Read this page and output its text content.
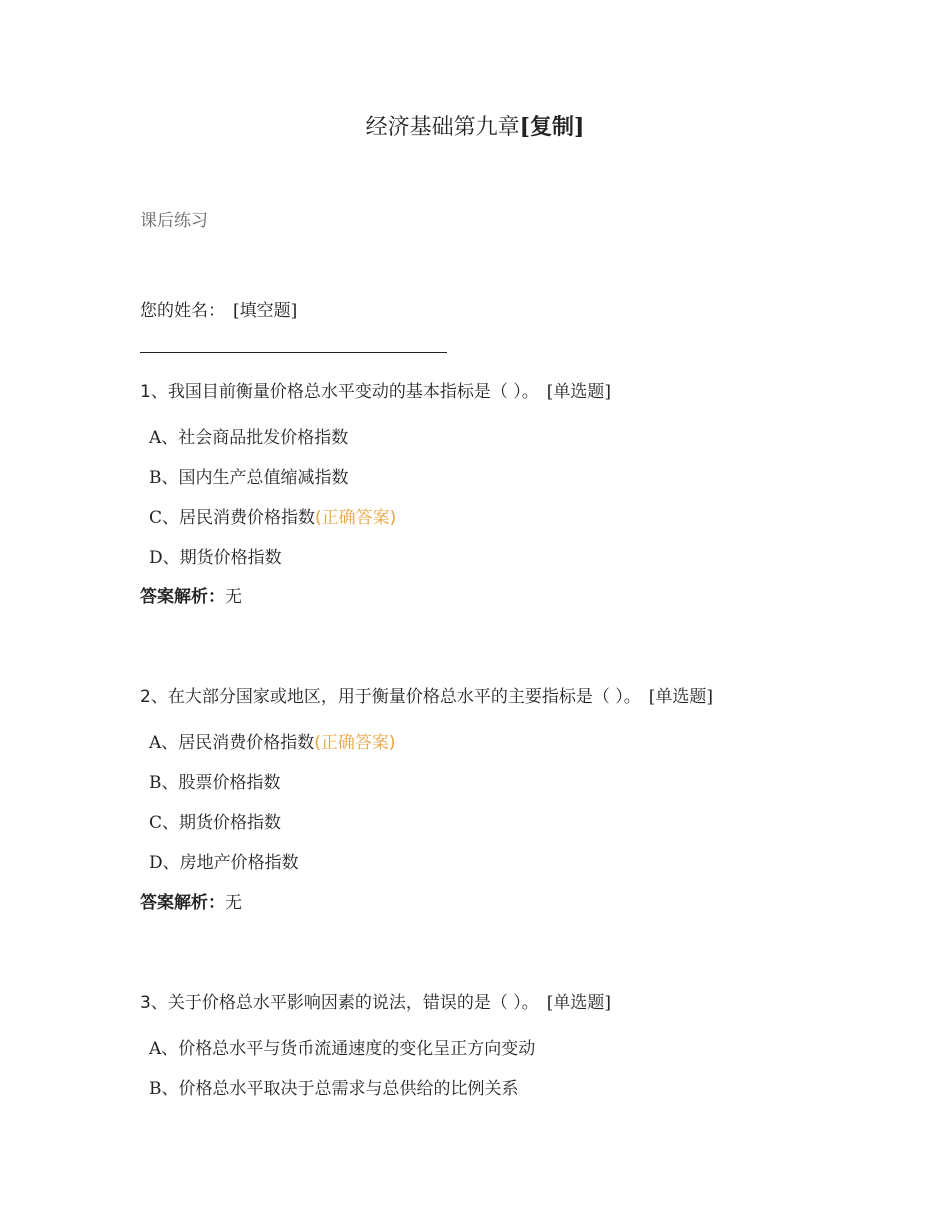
经济基础第九章[复制]
课后练习
您的姓名： [填空题]
1、我国目前衡量价格总水平变动的基本指标是（ ）。 [单选题]
A、社会商品批发价格指数
B、国内生产总值缩减指数
C、居民消费价格指数(正确答案)
D、期货价格指数
答案解析：无
2、在大部分国家或地区，用于衡量价格总水平的主要指标是（ ）。 [单选题]
A、居民消费价格指数(正确答案)
B、股票价格指数
C、期货价格指数
D、房地产价格指数
答案解析：无
3、关于价格总水平影响因素的说法，错误的是（ ）。 [单选题]
A、价格总水平与货币流通速度的变化呈正方向变动
B、价格总水平取决于总需求与总供给的比例关系
